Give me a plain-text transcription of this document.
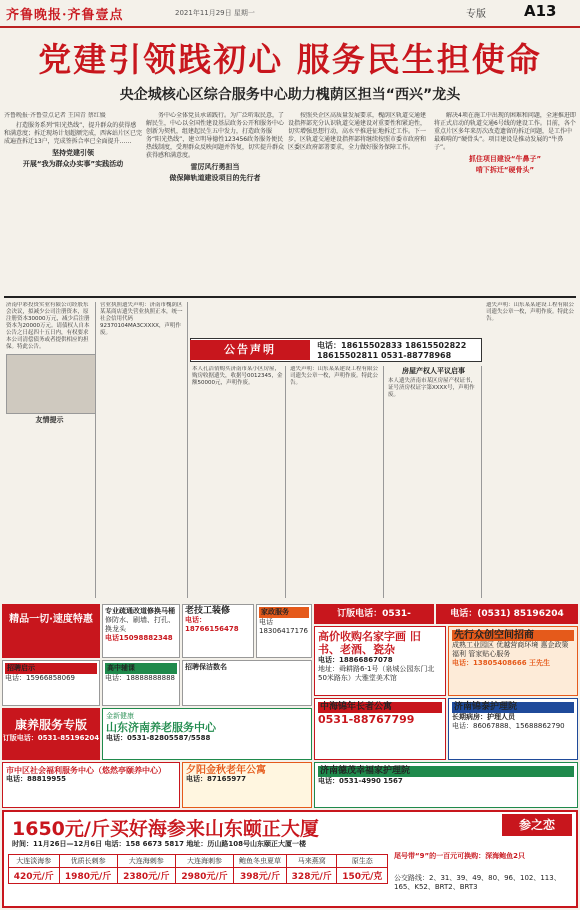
齐鲁晚报·齐鲁壹点	2021年11月29日 星期一	专版	A13
党建引领践初心 服务民生担使命
央企城核心区综合服务中心助力槐荫区担当“西兴”龙头

齐鲁晚报·齐鲁壹点记者 王国青 蔡红媛

打造服务系列“阳光热线”，提升群众的获得感和满意度；拆迁现场计划超额完成，西客站片区已完成遍查拆迁13户，完成签拆合率已全面提升……

坚持党建引领

开展“我为群众办实事”实践活动

务中心全体党员承诺践行。为广泛听取民意，了解民生，中心以全国性建设基层政务公开和服务中心创新为契机，组建起民生五中发力，打造政务服务“阳光热线”，建立明导德性123456政务服务便民热线制度，受理群众反映问题并答复，切实提升群众获得感和满意度。

雷厉风行勇担当

做保障轨道建设项目的先行者

按照央企区高质量发展要求，槐荫区轨道交通建设指挥部充分认识轨道交通建设对重要性和紧迫性，切实增强思想行动，高水平推进征地拆迁工作。下一步，区轨道交通建设指挥部将继续按照市委市政府和区委区政府部署要求，全力做好服务保障工作。

解决4项在施工中出现的困难和问题，全速推进即将正式启动的轨道交通6号线的建设工作。目前，各个重点片区多年来历次改造遗留的拆迁问题，是工作中最难啃的“硬骨头”。项目建设是推动发展的“牛鼻子”。

抓住项目建设“牛鼻子”

啃下拆迁“硬骨头”

济南中彩投资实业有限公司经股东会决议，拟减少公司注册资本，原注册资本30000万元，减少后注册资本为20000万元。请债权人自本公告之日起四十五日内，有权要求本公司清偿债务或者提供相应的担保。特此公告。

友情提示

营业执照遗失声明：济南市槐荫区某某商店遗失营业执照正本，统一社会信用代码92370104MA3CXXXX，声明作废。

本人孔洁倩购买济南市某小区房屋，购房收据遗失，收据号0012345，金额50000元，声明作废。

遗失声明：山东某某建设工程有限公司遗失公章一枚，声明作废。特此公告。

房屋产权人平议启事

本人遗失济南市某区房屋产权证书，证号济房权证字第XXXX号，声明作废。

遗失声明：山东某某建设工程有限公司遗失公章一枚，声明作废。特此公告。

电话：18615502833 18615502822
18615502811 0531-88778968
公告声明
精品一切·速度特惠
专业疏通改道修换马桶
修防水、刷墙、打孔、换龙头
电话15098882348
老技工装修
电话：18766156478
家政服务
电话18306417176
订版电话：0531-	电话：(0531) 85196204
高价收购名家字画 旧书、老酒、瓷杂
电话：18866867078
地址：舜耕路6-1号（泉城公园东门北50米路东）大雅堂美术馆
先行众创空间招商
成熟工业园区 优越营商环境 惠企政策福利 管家贴心服务
电话：13805408666 王先生
招聘启示
电话：15966858069
高中辅课
电话：18888888888
招聘保洁数名
康养服务专版
订版电话：0531-85196204
金新健康
山东济南养老服务中心
电话：0531-82805587/5588
中海锦年长者公寓
0531-88767799
济南锦泰护理院
长期病房：护理人员
电话：86067888、15688862790
市中区社会福利服务中心（悠然亭颐养中心）
电话：88819955
夕阳金秋老年公寓
电话：87165977
济南德茂幸福家护理院
电话：0531-4990 1567
1650元/斤买好海参来山东颐正大厦	参之恋
时间：11月26日—12月6日 电话：158 6673 5817 地址：历山路108号山东颐正大厦一楼
大连淡海参	优质长刺参	大连海刺参	大连海刺参	鲍鱼冬虫夏草	马来燕窝	原生态
420元/斤	1980元/斤	2380元/斤	2980元/斤	398元/斤	328元/斤	150元/克
尾号带“9”的一百元可换购：深海鲍鱼2只
公交路线：2、31、39、49、80、96、102、113、165、K52、BRT2、BRT3
